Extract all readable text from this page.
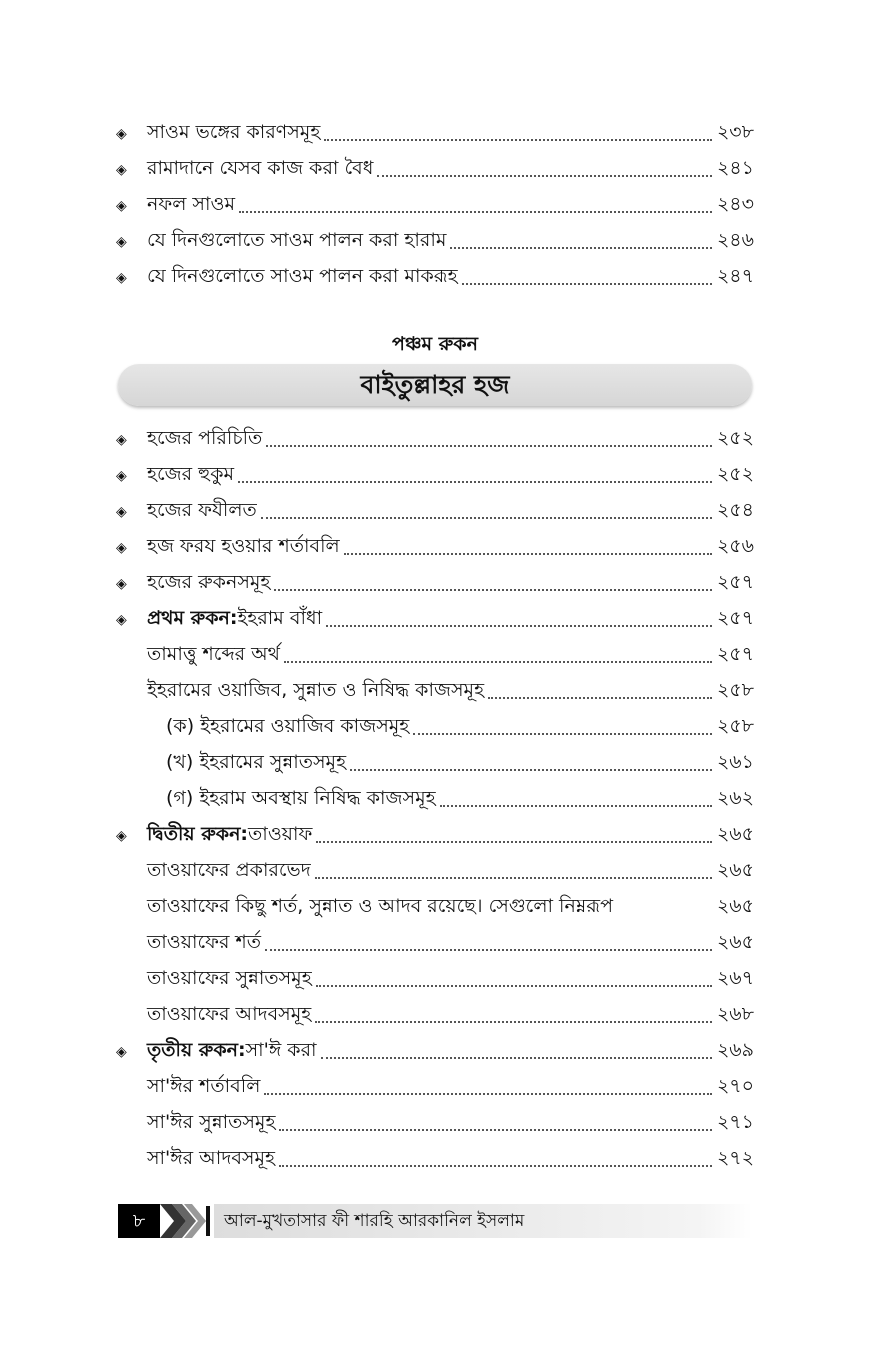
◈	সাওম ভঙ্গের কারণসমূহ	২৩৮
◈	রামাদানে যেসব কাজ করা বৈধ	২৪১
◈	নফল সাওম	২৪৩
◈	যে দিনগুলোতে সাওম পালন করা হারাম	২৪৬
◈	যে দিনগুলোতে সাওম পালন করা মাকরূহ	২৪৭
পঞ্চম রুকন
বাইতুল্লাহর হজ
◈	হজের পরিচিতি	২৫২
◈	হজের হুকুম	২৫২
◈	হজের ফযীলত	২৫৪
◈	হজ ফরয হওয়ার শর্তাবলি	২৫৬
◈	হজের রুকনসমূহ	২৫৭
◈	প্রথম রুকন: ইহরাম বাঁধা	২৫৭
তামাত্তু শব্দের অর্থ	২৫৭
ইহরামের ওয়াজিব, সুন্নাত ও নিষিদ্ধ কাজসমূহ	২৫৮
(ক) ইহরামের ওয়াজিব কাজসমূহ	২৫৮
(খ) ইহরামের সুন্নাতসমূহ	২৬১
(গ) ইহরাম অবস্থায় নিষিদ্ধ কাজসমূহ	২৬২
◈	দ্বিতীয় রুকন: তাওয়াফ	২৬৫
তাওয়াফের প্রকারভেদ	২৬৫
তাওয়াফের কিছু শর্ত, সুন্নাত ও আদব রয়েছে। সেগুলো নিম্নরূপ	২৬৫
তাওয়াফের শর্ত	২৬৫
তাওয়াফের সুন্নাতসমূহ	২৬৭
তাওয়াফের আদবসমূহ	২৬৮
◈	তৃতীয় রুকন: সা'ঈ করা	২৬৯
সা'ঈর শর্তাবলি	২৭০
সা'ঈর সুন্নাতসমূহ	২৭১
সা'ঈর আদবসমূহ	২৭২
৮	আল-মুখতাসার ফী শারহি আরকানিল ইসলাম
